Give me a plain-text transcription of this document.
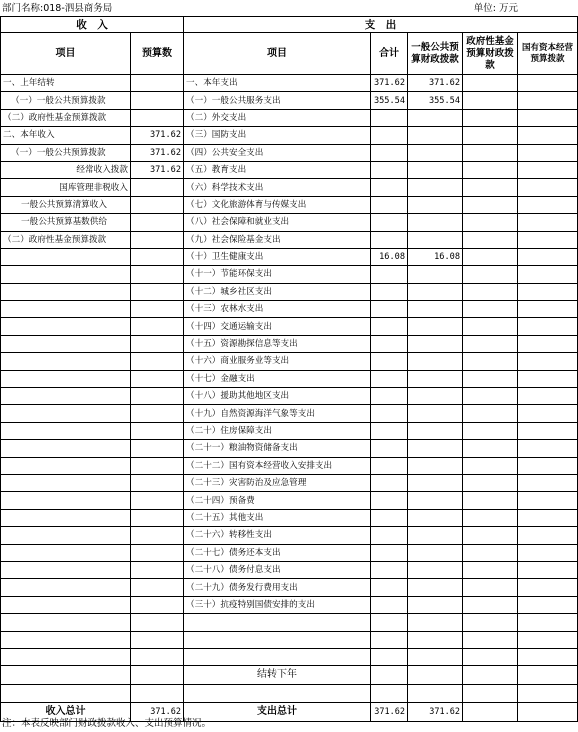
部门名称:018-泗县商务局	单位: 万元
收　入		支　出				
项目	预算数	项目	合计	一般公共预算财政拨款	政府性基金预算财政拨款	国有资本经营预算拨款
一、上年结转		一、本年支出	371.62	371.62		
（一）一般公共预算拨款		（一）一般公共服务支出	355.54	355.54		
（二）政府性基金预算拨款		（二）外交支出				
二、本年收入	371.62	（三）国防支出				
（一）一般公共预算拨款	371.62	（四）公共安全支出				
经常收入拨款	371.62	（五）教育支出				
国库管理非税收入		（六）科学技术支出				
一般公共预算清算收入		（七）文化旅游体育与传媒支出				
一般公共预算基数供给		（八）社会保障和就业支出				
（二）政府性基金预算拨款		（九）社会保险基金支出				
		（十）卫生健康支出	16.08	16.08		
		（十一）节能环保支出				
		（十二）城乡社区支出				
		（十三）农林水支出				
		（十四）交通运输支出				
		（十五）资源勘探信息等支出				
		（十六）商业服务业等支出				
		（十七）金融支出				
		（十八）援助其他地区支出				
		（十九）自然资源海洋气象等支出				
		（二十）住房保障支出				
		（二十一）粮油物资储备支出				
		（二十二）国有资本经营收入安排支出				
		（二十三）灾害防治及应急管理				
		（二十四）预备费				
		（二十五）其他支出				
		（二十六）转移性支出				
		（二十七）债务还本支出				
		（二十八）债务付息支出				
		（二十九）债务发行费用支出				
		（三十）抗疫特别国债安排的支出				

		结转下年				

收入总计	371.62	支出总计	371.62	371.62		
注：本表反映部门财政拨款收入、支出预算情况。
